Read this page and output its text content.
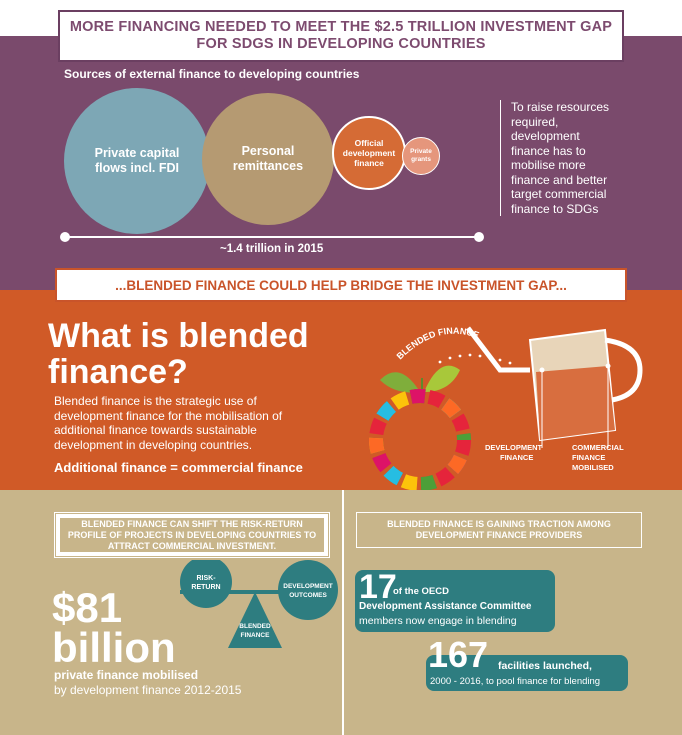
MORE FINANCING NEEDED TO MEET THE $2.5 TRILLION INVESTMENT GAP
FOR SDGS IN DEVELOPING COUNTRIES
Sources of external finance to developing countries
Private capital flows incl. FDI
Personal remittances
Official development finance
Private grants
~1.4 trillion in 2015
To raise resources required, development finance has to mobilise more finance and better target commercial finance to SDGs
...BLENDED FINANCE COULD HELP BRIDGE THE INVESTMENT GAP...
What is blended
finance?
Blended finance is the strategic use of development finance for the mobilisation of additional finance towards sustainable development in developing countries.
Additional finance = commercial finance
BLENDED FINANCE
DEVELOPMENT
FINANCE
COMMERCIAL
FINANCE
MOBILISED
BLENDED FINANCE CAN SHIFT THE RISK-RETURN PROFILE OF PROJECTS IN DEVELOPING COUNTRIES TO ATTRACT COMMERCIAL INVESTMENT.
BLENDED FINANCE IS GAINING TRACTION AMONG DEVELOPMENT FINANCE PROVIDERS
$81
billion
private finance mobilised
by development finance 2012-2015
RISK-
RETURN	DEVELOPMENT
OUTCOMES
BLENDED
FINANCE
17
of the OECD
Development Assistance Committee
members now engage in blending
167 facilities launched,
2000 - 2016, to pool finance for blending
